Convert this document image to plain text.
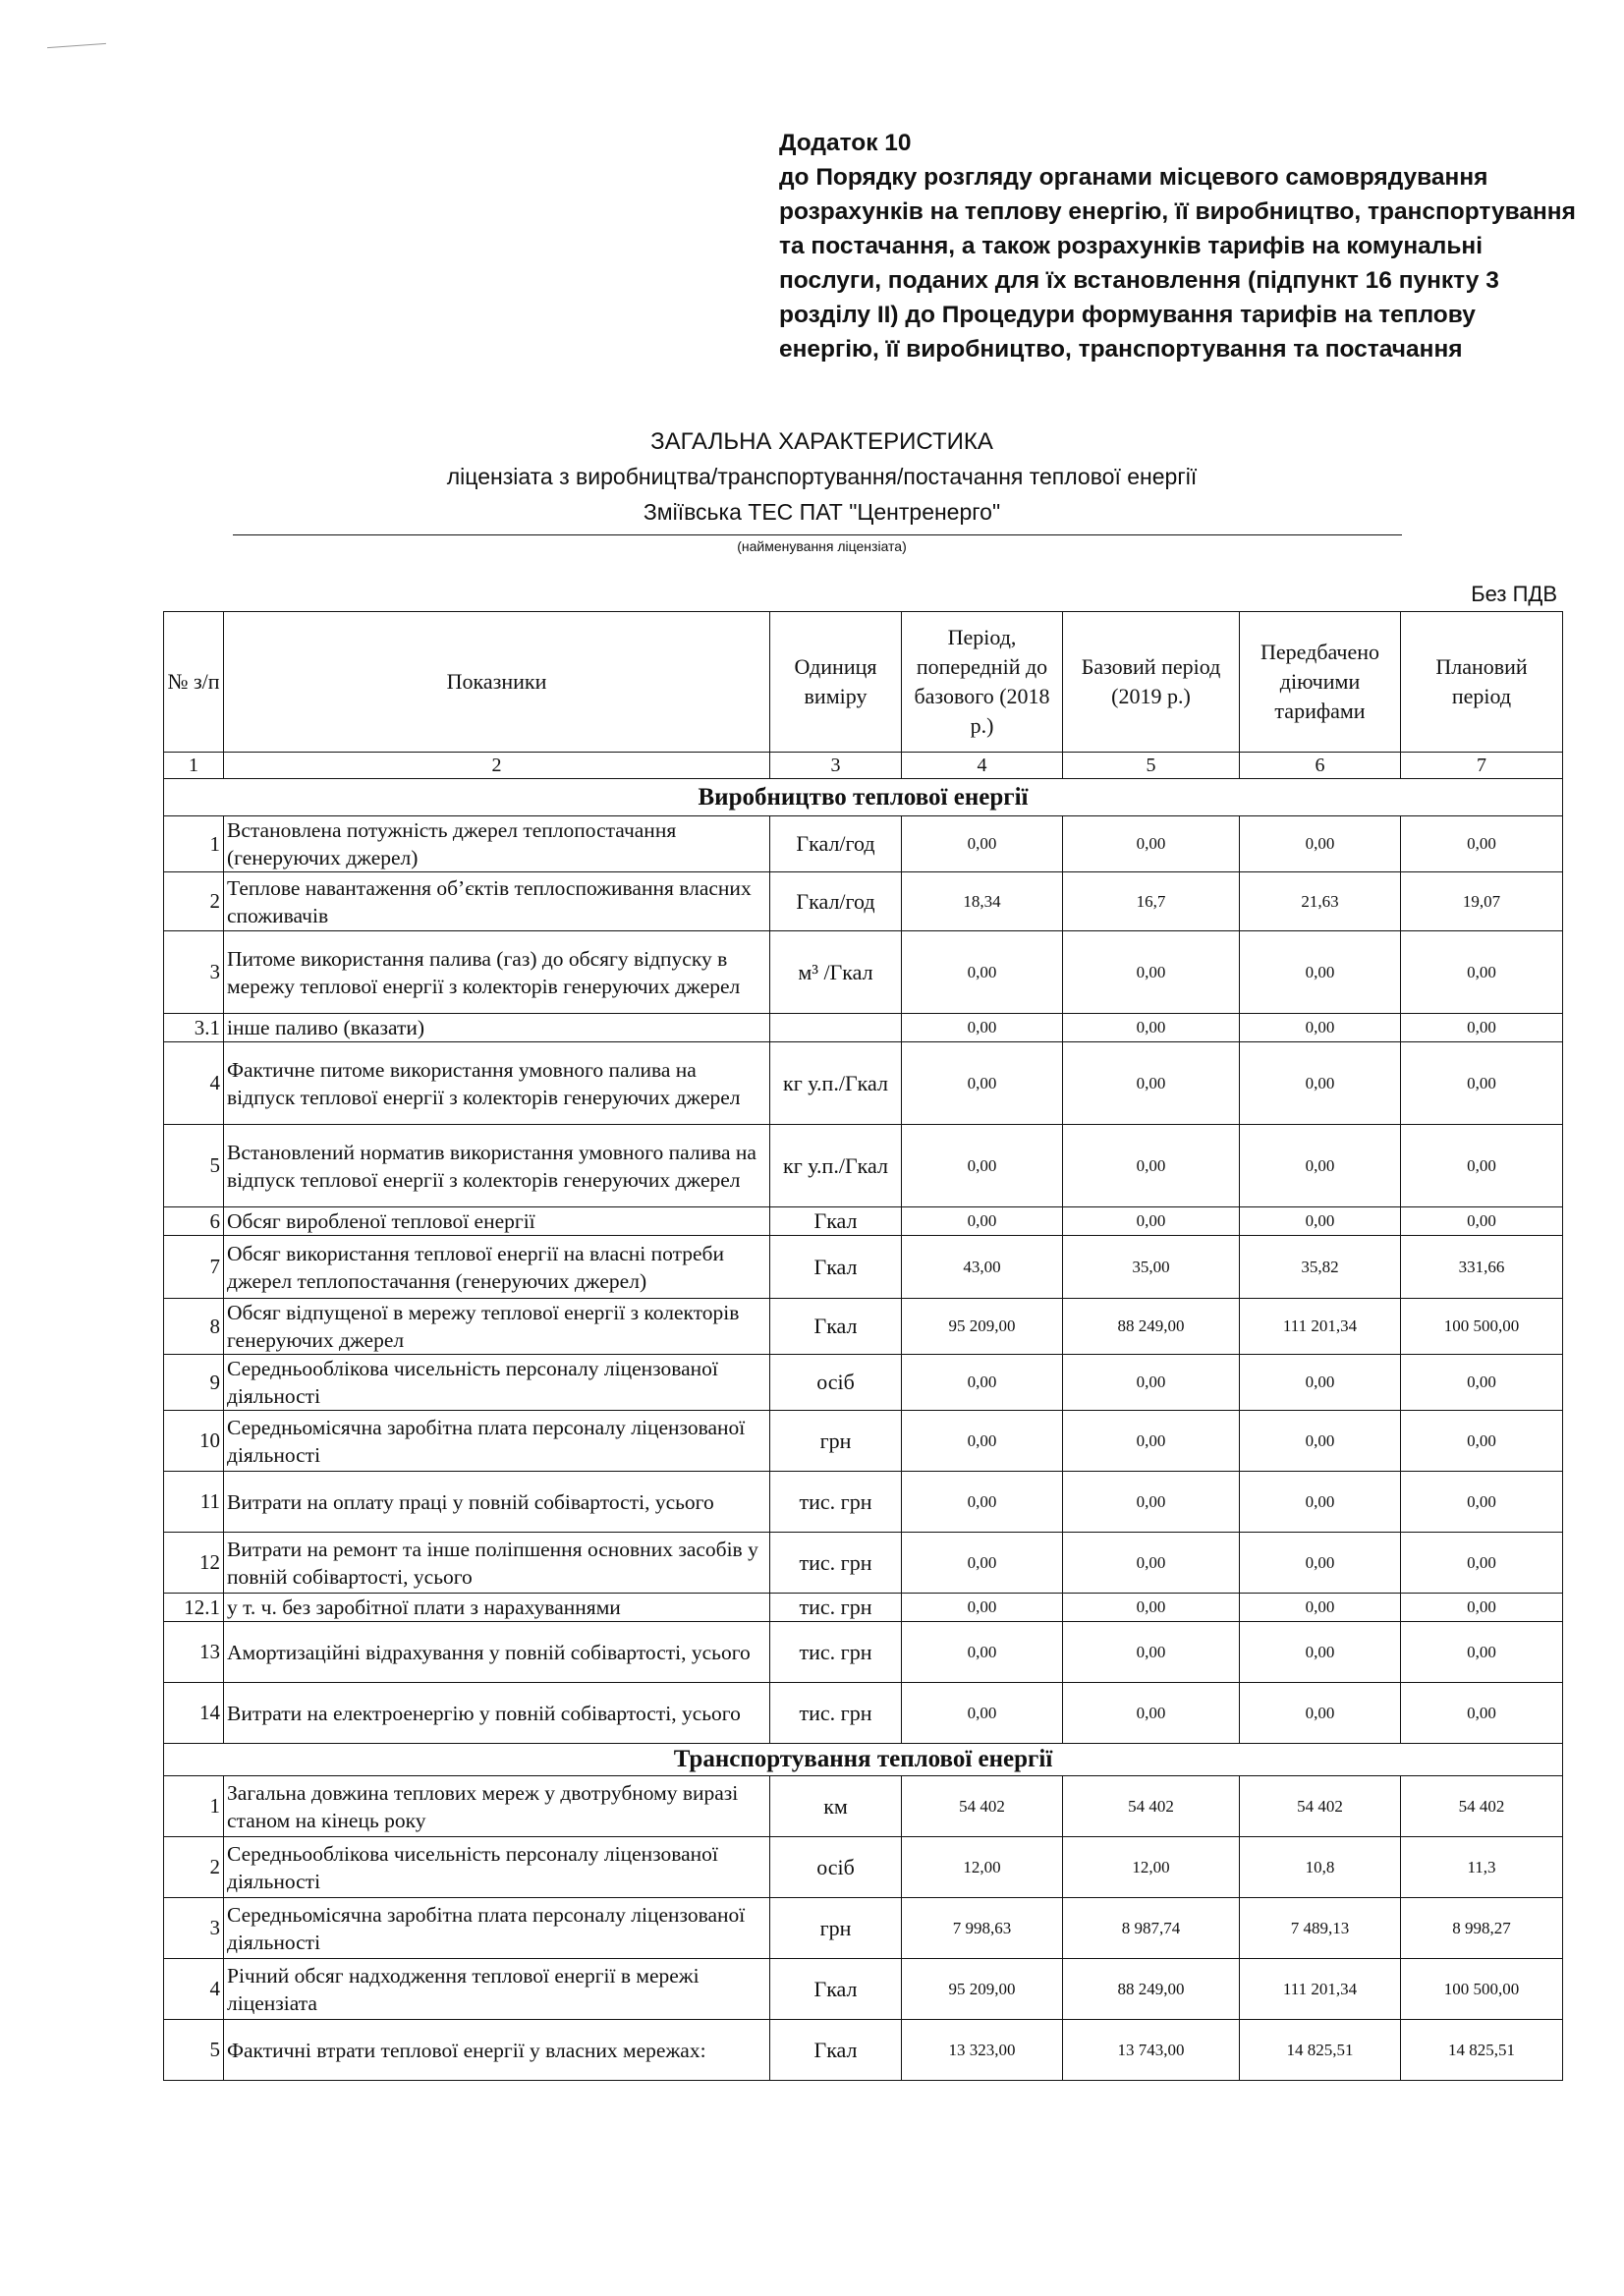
Додаток 10
до Порядку розгляду органами місцевого самоврядування
розрахунків на теплову енергію, її виробництво, транспортування
та постачання, а також розрахунків тарифів на комунальні
послуги, поданих для їх встановлення (підпункт 16 пункту 3
розділу II) до Процедури формування тарифів на теплову
енергію, її виробництво, транспортування та постачання
ЗАГАЛЬНА ХАРАКТЕРИСТИКА
ліцензіата з виробництва/транспортування/постачання теплової енергії
Зміївська ТЕС ПАТ "Центренерго"
(найменування ліцензіата)
Без ПДВ
№ з/п	Показники	Одиниця виміру	Період, попередній до базового (2018 р.)	Базовий період (2019 р.)	Передбачено діючими тарифами	Плановий період
1	2	3	4	5	6	7
Виробництво теплової енергії						
1	Встановлена потужність джерел теплопостачання (генеруючих джерел)	Гкал/год	0,00	0,00	0,00	0,00
2	Теплове навантаження об’єктів теплоспоживання власних споживачів	Гкал/год	18,34	16,7	21,63	19,07
3	Питоме використання палива (газ) до обсягу відпуску в мережу теплової енергії з колекторів генеруючих джерел	м³ /Гкал	0,00	0,00	0,00	0,00
3.1	інше паливо (вказати)		0,00	0,00	0,00	0,00
4	Фактичне питоме використання умовного палива на відпуск теплової енергії з колекторів генеруючих джерел	кг у.п./Гкал	0,00	0,00	0,00	0,00
5	Встановлений норматив використання умовного палива на відпуск теплової енергії з колекторів генеруючих джерел	кг у.п./Гкал	0,00	0,00	0,00	0,00
6	Обсяг виробленої теплової енергії	Гкал	0,00	0,00	0,00	0,00
7	Обсяг використання теплової енергії на власні потреби джерел теплопостачання (генеруючих джерел)	Гкал	43,00	35,00	35,82	331,66
8	Обсяг відпущеної в мережу теплової енергії з колекторів генеруючих джерел	Гкал	95 209,00	88 249,00	111 201,34	100 500,00
9	Середньооблікова чисельність персоналу ліцензованої діяльності	осіб	0,00	0,00	0,00	0,00
10	Середньомісячна заробітна плата персоналу ліцензованої діяльності	грн	0,00	0,00	0,00	0,00
11	Витрати на оплату праці у повній собівартості, усього	тис. грн	0,00	0,00	0,00	0,00
12	Витрати на ремонт та інше поліпшення основних засобів у повній собівартості, усього	тис. грн	0,00	0,00	0,00	0,00
12.1	у т. ч. без заробітної плати з нарахуваннями	тис. грн	0,00	0,00	0,00	0,00
13	Амортизаційні відрахування у повній собівартості, усього	тис. грн	0,00	0,00	0,00	0,00
14	Витрати на електроенергію у повній собівартості, усього	тис. грн	0,00	0,00	0,00	0,00
Транспортування теплової енергії						
1	Загальна довжина теплових мереж у двотрубному виразі станом на кінець року	км	54 402	54 402	54 402	54 402
2	Середньооблікова чисельність персоналу ліцензованої діяльності	осіб	12,00	12,00	10,8	11,3
3	Середньомісячна заробітна плата персоналу ліцензованої діяльності	грн	7 998,63	8 987,74	7 489,13	8 998,27
4	Річний обсяг надходження теплової енергії в мережі ліцензіата	Гкал	95 209,00	88 249,00	111 201,34	100 500,00
5	Фактичні втрати теплової енергії у власних мережах:	Гкал	13 323,00	13 743,00	14 825,51	14 825,51
